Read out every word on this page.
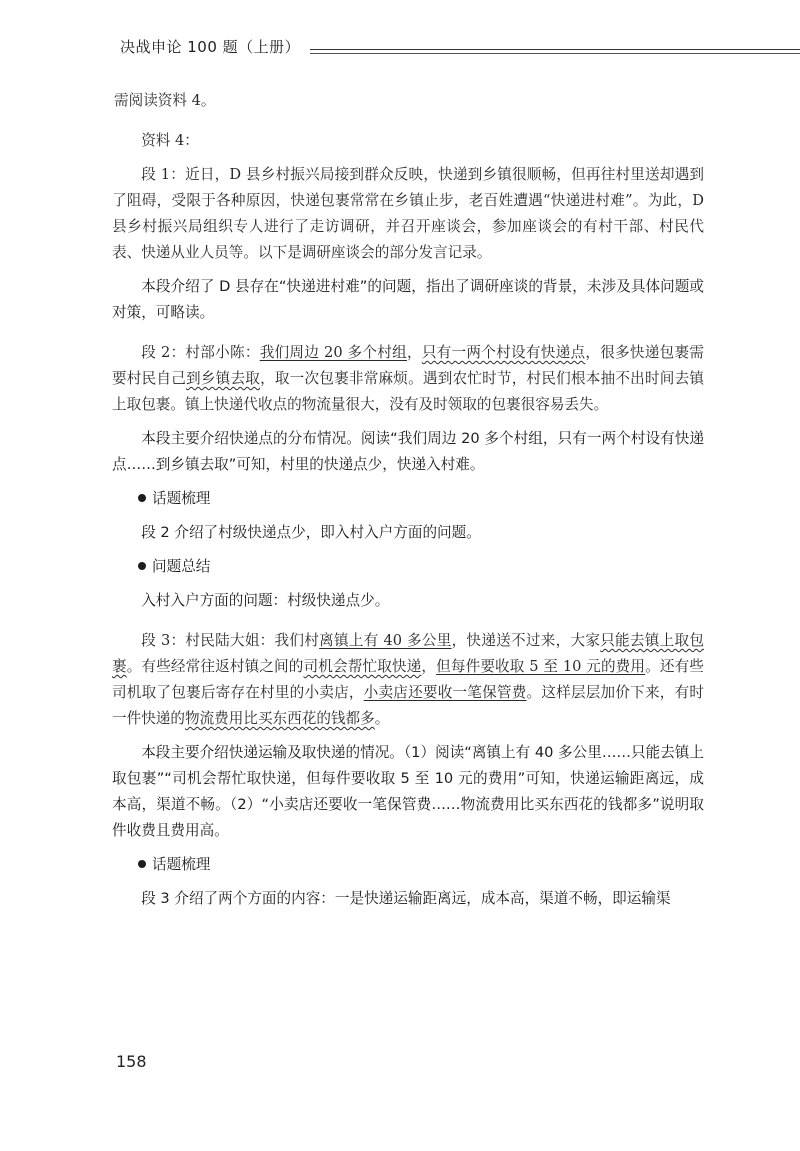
决战申论 100 题（上册）

需阅读资料 4。

资料 4：

段 1：近日，D 县乡村振兴局接到群众反映，快递到乡镇很顺畅，但再往村里送却遇到了阻碍，受限于各种原因，快递包裹常常在乡镇止步，老百姓遭遇“快递进村难”。为此，D 县乡村振兴局组织专人进行了走访调研，并召开座谈会，参加座谈会的有村干部、村民代表、快递从业人员等。以下是调研座谈会的部分发言记录。

本段介绍了 D 县存在“快递进村难”的问题，指出了调研座谈的背景，未涉及具体问题或对策，可略读。

段 2：村部小陈：我们周边 20 多个村组，只有一两个村设有快递点，很多快递包裹需要村民自己到乡镇去取，取一次包裹非常麻烦。遇到农忙时节，村民们根本抽不出时间去镇上取包裹。镇上快递代收点的物流量很大，没有及时领取的包裹很容易丢失。

本段主要介绍快递点的分布情况。阅读“我们周边 20 多个村组，只有一两个村设有快递点……到乡镇去取”可知，村里的快递点少，快递入村难。

话题梳理

段 2 介绍了村级快递点少，即入村入户方面的问题。

问题总结

入村入户方面的问题：村级快递点少。

段 3：村民陆大姐：我们村离镇上有 40 多公里，快递送不过来，大家只能去镇上取包裹。有些经常往返村镇之间的司机会帮忙取快递，但每件要收取 5 至 10 元的费用。还有些司机取了包裹后寄存在村里的小卖店，小卖店还要收一笔保管费。这样层层加价下来，有时一件快递的物流费用比买东西花的钱都多。

本段主要介绍快递运输及取快递的情况。（1）阅读“离镇上有 40 多公里……只能去镇上取包裹”“司机会帮忙取快递，但每件要收取 5 至 10 元的费用”可知，快递运输距离远，成本高，渠道不畅。（2）“小卖店还要收一笔保管费……物流费用比买东西花的钱都多”说明取件收费且费用高。

话题梳理

段 3 介绍了两个方面的内容：一是快递运输距离远，成本高，渠道不畅，即运输渠

158
